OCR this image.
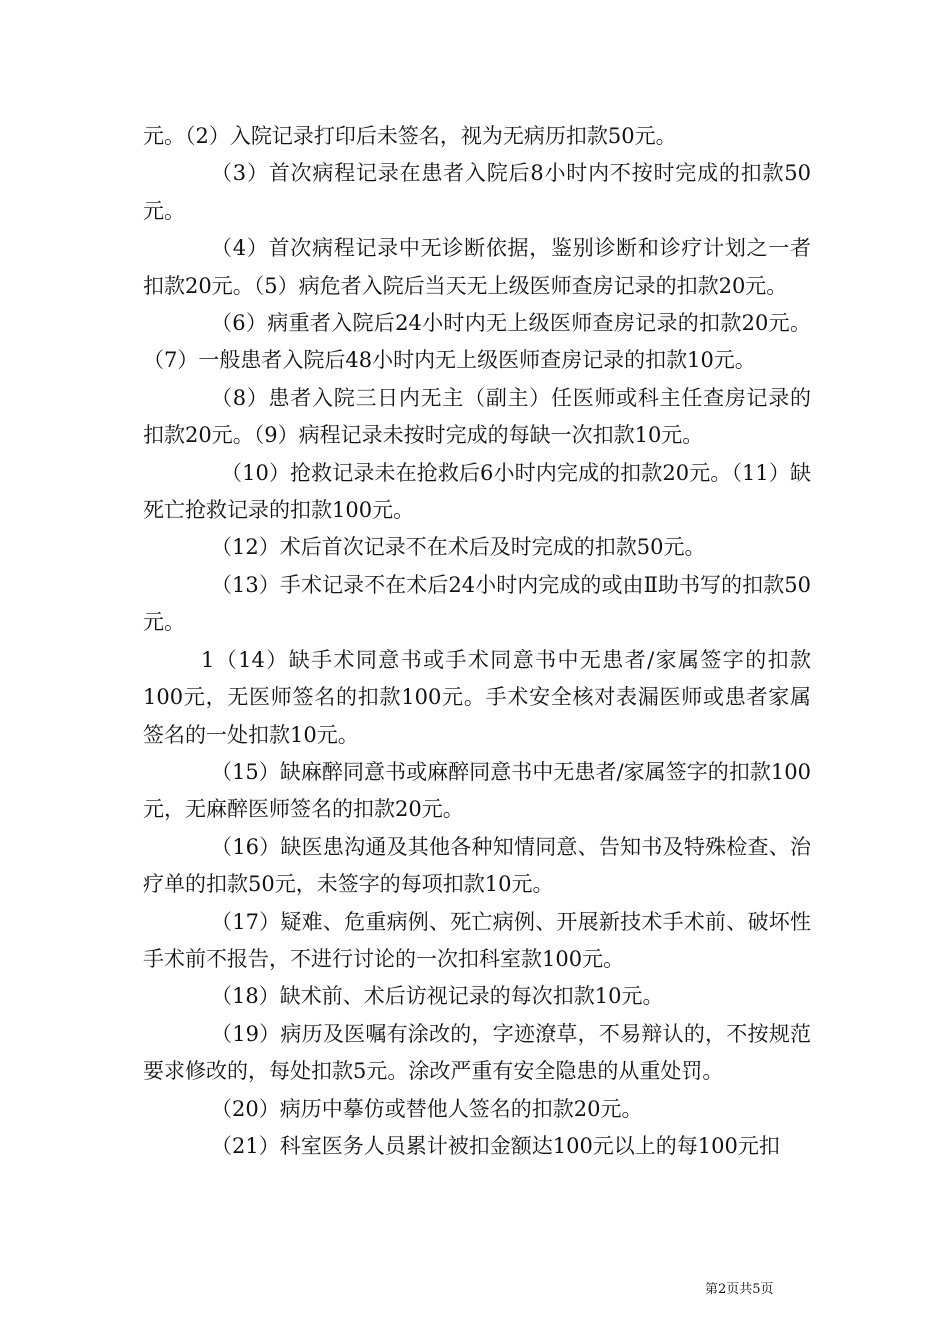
元。（2）入院记录打印后未签名，视为无病历扣款50元。

（3）首次病程记录在患者入院后8小时内不按时完成的扣款50元。

（4）首次病程记录中无诊断依据，鉴别诊断和诊疗计划之一者扣款20元。（5）病危者入院后当天无上级医师查房记录的扣款20元。

（6）病重者入院后24小时内无上级医师查房记录的扣款20元。（7）一般患者入院后48小时内无上级医师查房记录的扣款10元。

（8）患者入院三日内无主（副主）任医师或科主任查房记录的扣款20元。（9）病程记录未按时完成的每缺一次扣款10元。

（10）抢救记录未在抢救后6小时内完成的扣款20元。（11）缺死亡抢救记录的扣款100元。

（12）术后首次记录不在术后及时完成的扣款50元。

（13）手术记录不在术后24小时内完成的或由Ⅱ助书写的扣款50元。

1（14）缺手术同意书或手术同意书中无患者/家属签字的扣款100元，无医师签名的扣款100元。手术安全核对表漏医师或患者家属签名的一处扣款10元。

（15）缺麻醉同意书或麻醉同意书中无患者/家属签字的扣款100元，无麻醉医师签名的扣款20元。

（16）缺医患沟通及其他各种知情同意、告知书及特殊检查、治疗单的扣款50元，未签字的每项扣款10元。

（17）疑难、危重病例、死亡病例、开展新技术手术前、破坏性手术前不报告，不进行讨论的一次扣科室款100元。

（18）缺术前、术后访视记录的每次扣款10元。

（19）病历及医嘱有涂改的，字迹潦草，不易辩认的，不按规范要求修改的，每处扣款5元。涂改严重有安全隐患的从重处罚。

（20）病历中摹仿或替他人签名的扣款20元。

（21）科室医务人员累计被扣金额达100元以上的每100元扣

第2页共5页
